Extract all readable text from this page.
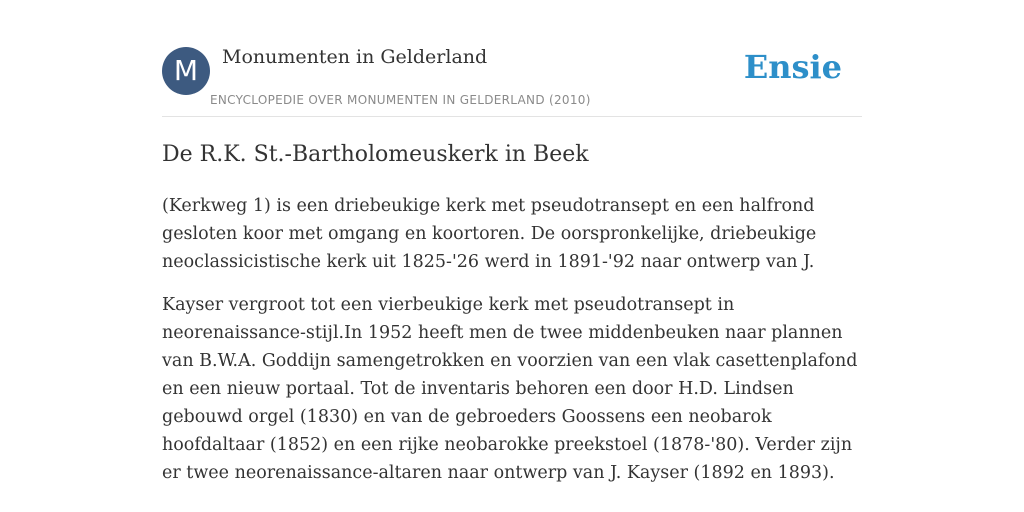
M	Monumenten in Gelderland
ENCYCLOPEDIE OVER MONUMENTEN IN GELDERLAND (2010)
Ensie
De R.K. St.-Bartholomeuskerk in Beek

(Kerkweg 1) is een driebeukige kerk met pseudotransept en een halfrond gesloten koor met omgang en koortoren. De oorspronkelijke, driebeukige neoclassicistische kerk uit 1825-'26 werd in 1891-'92 naar ontwerp van J.

Kayser vergroot tot een vierbeukige kerk met pseudotransept in neorenaissance-stijl.In 1952 heeft men de twee middenbeuken naar plannen van B.W.A. Goddijn samengetrokken en voorzien van een vlak casettenplafond en een nieuw portaal. Tot de inventaris behoren een door H.D. Lindsen gebouwd orgel (1830) en van de gebroeders Goossens een neobarok hoofdaltaar (1852) en een rijke neobarokke preekstoel (1878-'80). Verder zijn er twee neorenaissance-altaren naar ontwerp van J. Kayser (1892 en 1893).
